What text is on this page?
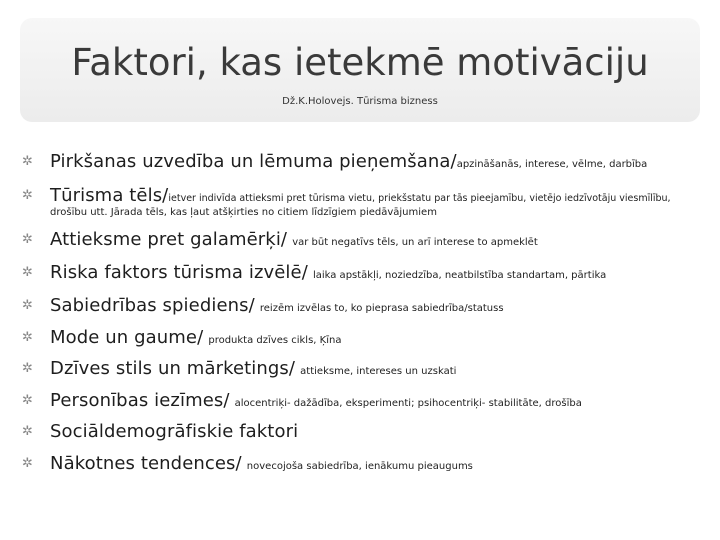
Faktori, kas ietekmē motivāciju
Dž.K.Holovejs. Tūrisma bizness
✲ Pirkšanas uzvedība un lēmuma pieņemšana/apzināšanās, interese, vēlme, darbība
✲ Tūrisma tēls/ietver indivīda attieksmi pret tūrisma vietu, priekšstatu par tās pieejamību, vietējo iedzīvotāju viesmīlību,
drošību utt. Jārada tēls, kas ļaut atšķirties no citiem līdzīgiem piedāvājumiem
✲ Attieksme pret galamērķi/ var būt negatīvs tēls, un arī interese to apmeklēt
✲ Riska faktors tūrisma izvēlē/ laika apstākļi, noziedzība, neatbilstība standartam, pārtika
✲ Sabiedrības spiediens/ reizēm izvēlas to, ko pieprasa sabiedrība/statuss
✲ Mode un gaume/ produkta dzīves cikls, Ķīna
✲ Dzīves stils un mārketings/ attieksme, intereses un uzskati
✲ Personības iezīmes/ alocentriķi- dažādība, eksperimenti; psihocentriķi- stabilitāte, drošība
✲ Sociāldemogrāfiskie faktori
✲ Nākotnes tendences/ novecojoša sabiedrība, ienākumu pieaugums
